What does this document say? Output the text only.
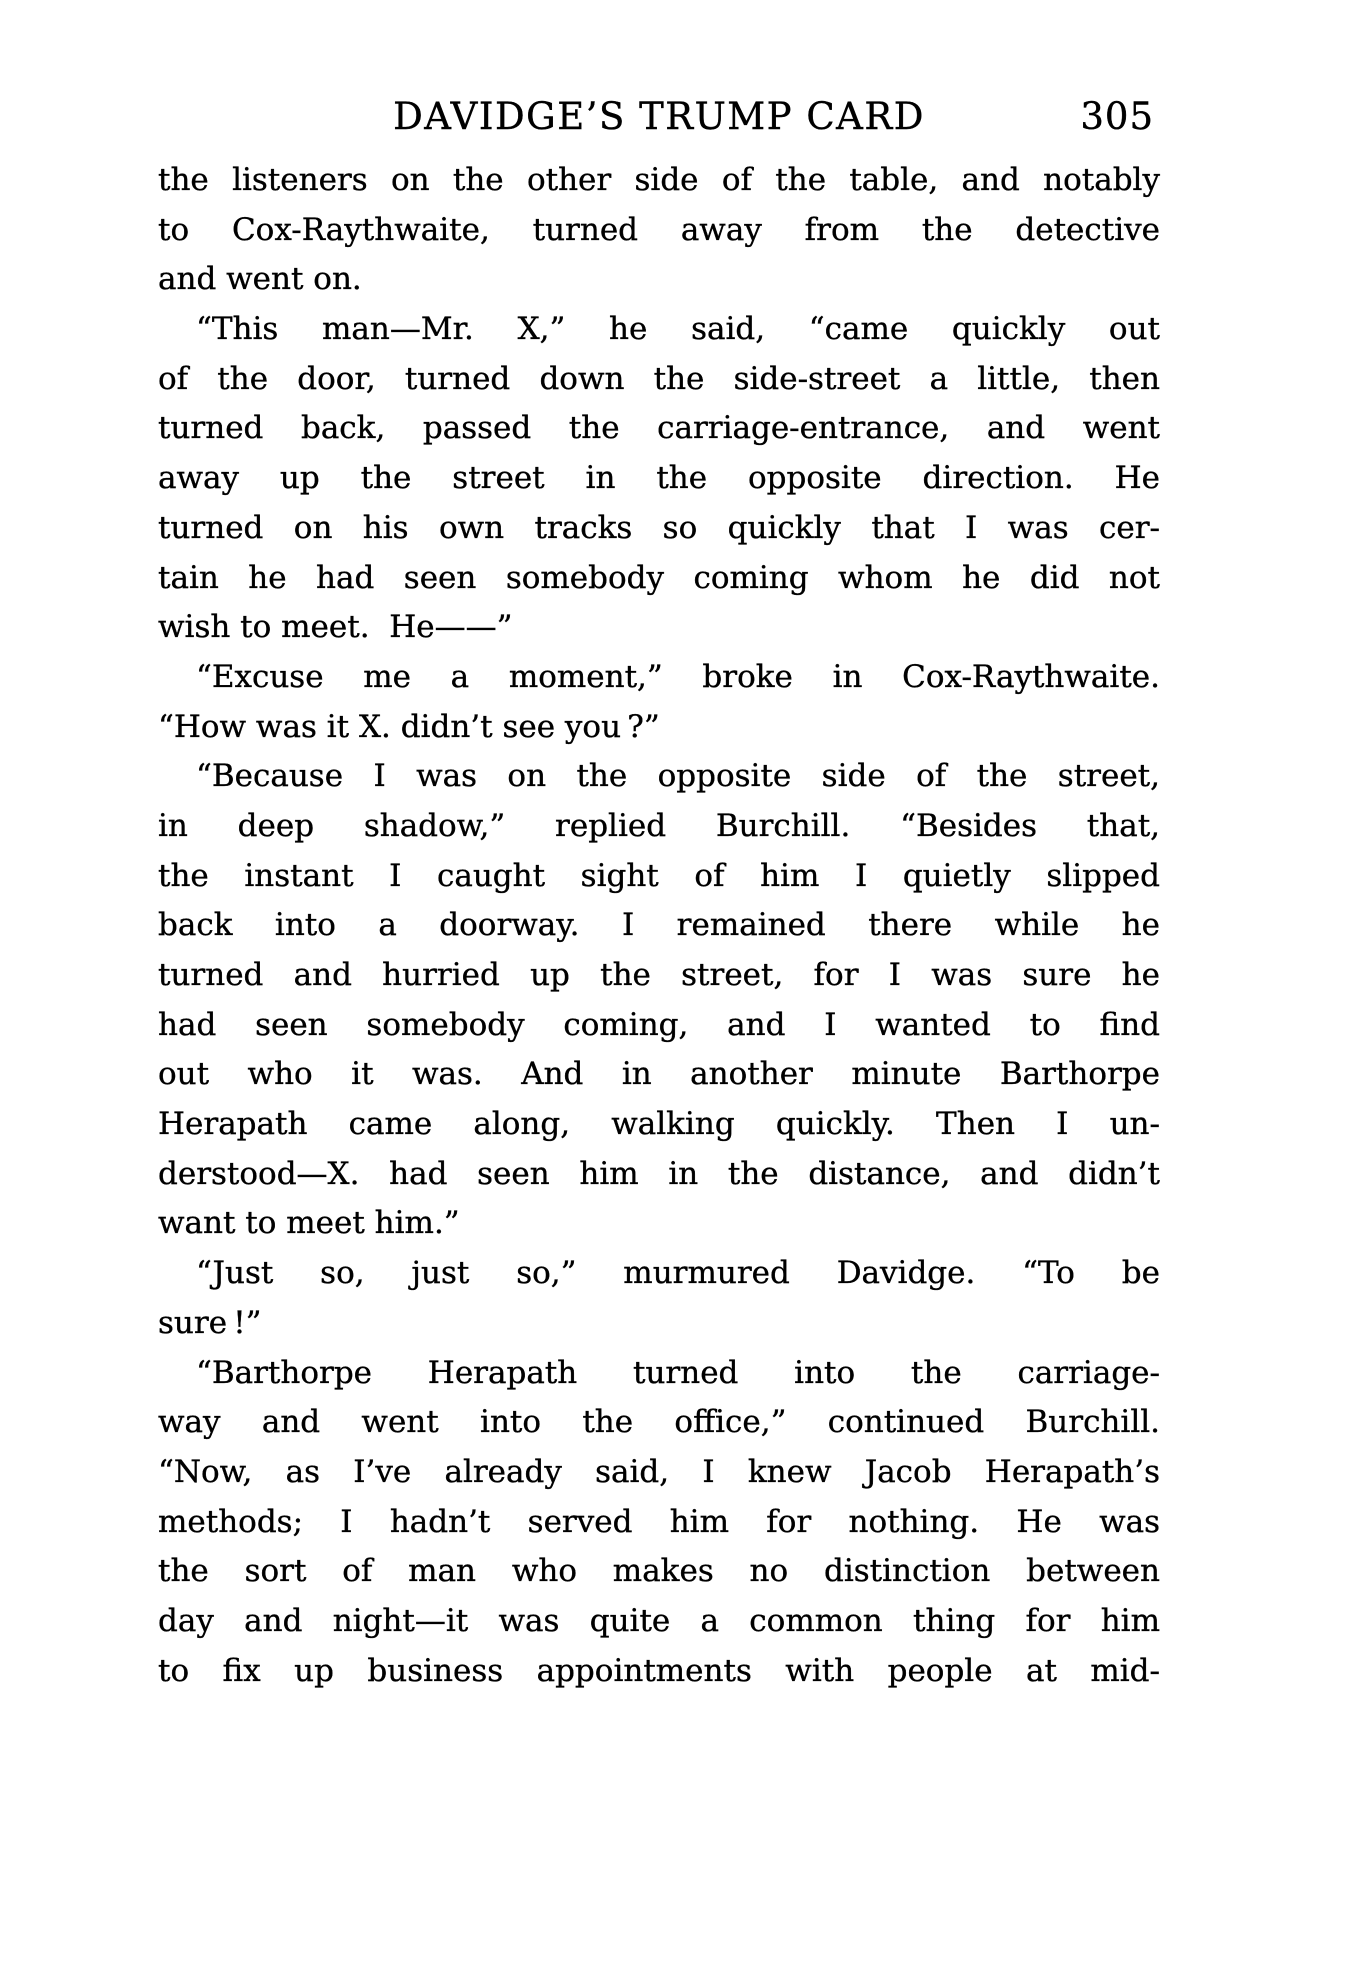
DAVIDGE’S TRUMP CARD	305
the listeners on the other side of the table, and notably
to Cox-Raythwaite, turned away from the detective
and went on.
“This man—Mr. X,” he said, “came quickly out
of the door, turned down the side-street a little, then
turned back, passed the carriage-entrance, and went
away up the street in the opposite direction. He
turned on his own tracks so quickly that I was cer-
tain he had seen somebody coming whom he did not
wish to meet.  He——”
“Excuse me a moment,” broke in Cox-Raythwaite.
“How was it X. didn’t see you ?”
“Because I was on the opposite side of the street,
in deep shadow,” replied Burchill. “Besides that,
the instant I caught sight of him I quietly slipped
back into a doorway. I remained there while he
turned and hurried up the street, for I was sure he
had seen somebody coming, and I wanted to find
out who it was. And in another minute Barthorpe
Herapath came along, walking quickly. Then I un-
derstood—X. had seen him in the distance, and didn’t
want to meet him.”
“Just so, just so,” murmured Davidge. “To be
sure !”
“Barthorpe Herapath turned into the carriage-
way and went into the office,” continued Burchill.
“Now, as I’ve already said, I knew Jacob Herapath’s
methods; I hadn’t served him for nothing. He was
the sort of man who makes no distinction between
day and night—it was quite a common thing for him
to fix up business appointments with people at mid-
